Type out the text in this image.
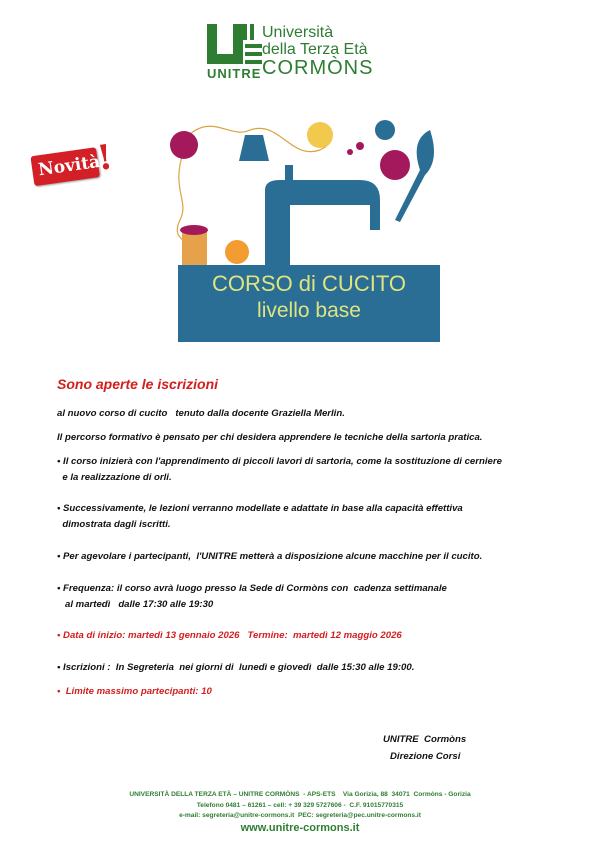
UNITRE
Università
della Terza Età
CORMÒNS
Novità
!
CORSO di CUCITO
livello base
Sono aperte le iscrizioni
al nuovo corso di cucito   tenuto dalla docente Graziella Merlin.
Il percorso formativo è pensato per chi desidera apprendere le tecniche della sartoria pratica.
• Il corso inizierà con l'apprendimento di piccoli lavori di sartoria, come la sostituzione di cerniere
e la realizzazione di orli.
• Successivamente, le lezioni verranno modellate e adattate in base alla capacità effettiva
dimostrata dagli iscritti.
• Per agevolare i partecipanti,  l'UNITRE metterà a disposizione alcune macchine per il cucito.
• Frequenza: il corso avrà luogo presso la Sede di Cormòns con  cadenza settimanale
al martedì   dalle 17:30 alle 19:30
• Data di inizio: martedì 13 gennaio 2026   Termine:  martedì 12 maggio 2026
• Iscrizioni :  In Segreteria  nei giorni di  lunedì e giovedì  dalle 15:30 alle 19:00.
•  Limite massimo partecipanti: 10
UNITRE  Cormòns
Direzione Corsi
UNIVERSITÀ DELLA TERZA ETÀ – UNITRE CORMÒNS  - APS-ETS    Via Gorizia, 88  34071  Cormòns - Gorizia
Telefono 0481 – 61261 – cell: + 39 329 5727606 -  C.F. 91015770315
e-mail: segreteria@unitre-cormons.it  PEC: segreteria@pec.unitre-cormons.it
www.unitre-cormons.it
